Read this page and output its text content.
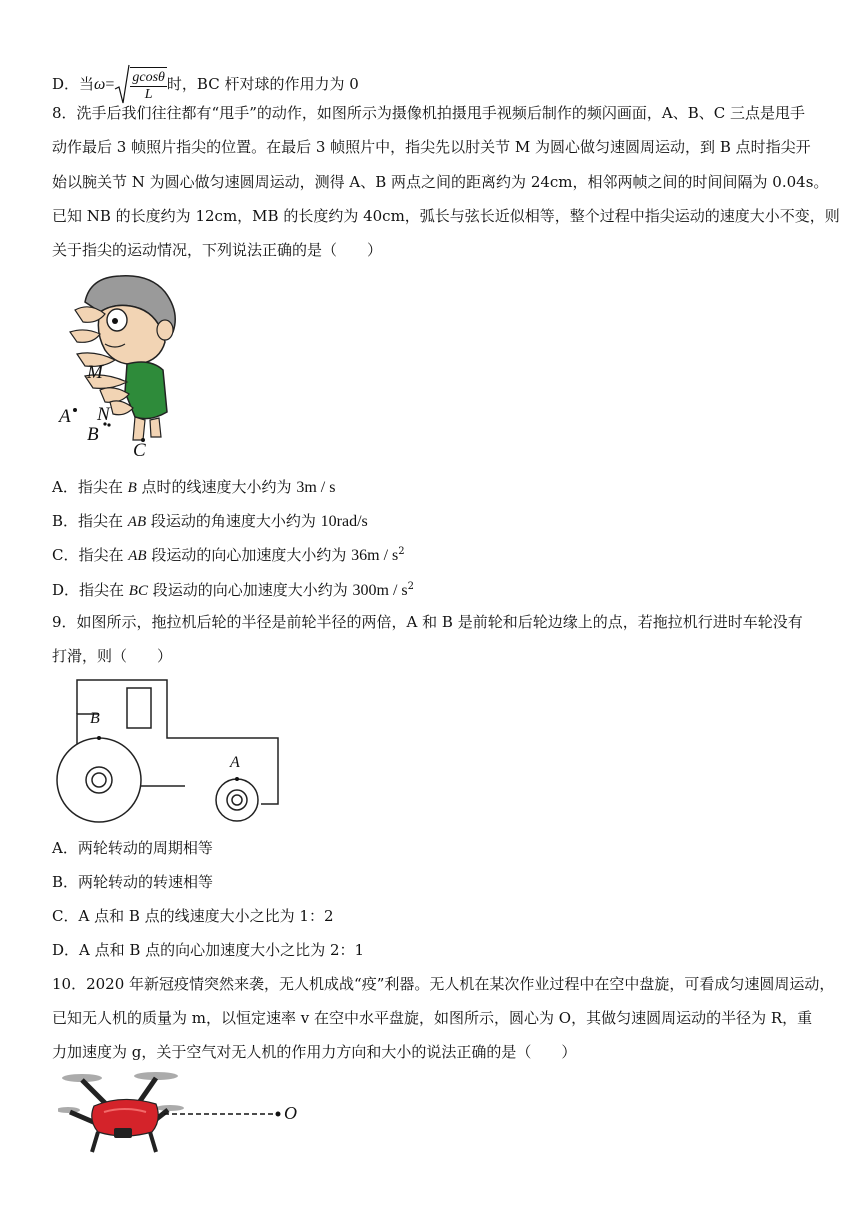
D．当$\omega= \frac{gcos\theta}{L}$ 时，BC 杆对球的作用力为 0
8．洗手后我们往往都有“甩手”的动作，如图所示为摄像机拍摄甩手视频后制作的频闪画面，A、B、C 三点是甩手
动作最后 3 帧照片指尖的位置。在最后 3 帧照片中，指尖先以肘关节 M 为圆心做匀速圆周运动，到 B 点时指尖开
始以腕关节 N 为圆心做匀速圆周运动，测得 A、B 两点之间的距离约为 24cm，相邻两帧之间的时间间隔为 0.04s。
已知 NB 的长度约为 12cm，MB 的长度约为 40cm，弧长与弦长近似相等，整个过程中指尖运动的速度大小不变，则
关于指尖的运动情况，下列说法正确的是（　　）
M
A N
B
C
A．指尖在 B 点时的线速度大小约为 3m / s
B．指尖在 AB 段运动的角速度大小约为 10rad/s
C．指尖在 AB 段运动的向心加速度大小约为 $36m / s^2$
D．指尖在 BC 段运动的向心加速度大小约为 $300m / s^2$
9．如图所示，拖拉机后轮的半径是前轮半径的两倍，A 和 B 是前轮和后轮边缘上的点，若拖拉机行进时车轮没有
打滑，则（　　）
B
A
A．两轮转动的周期相等
B．两轮转动的转速相等
C．A 点和 B 点的线速度大小之比为 1：2
D．A 点和 B 点的向心加速度大小之比为 2：1
10．2020 年新冠疫情突然来袭，无人机成战“疫”利器。无人机在某次作业过程中在空中盘旋，可看成匀速圆周运动，
已知无人机的质量为 m，以恒定速率 v 在空中水平盘旋，如图所示，圆心为 O，其做匀速圆周运动的半径为 R，重
力加速度为 g，关于空气对无人机的作用力方向和大小的说法正确的是（　　）
O
